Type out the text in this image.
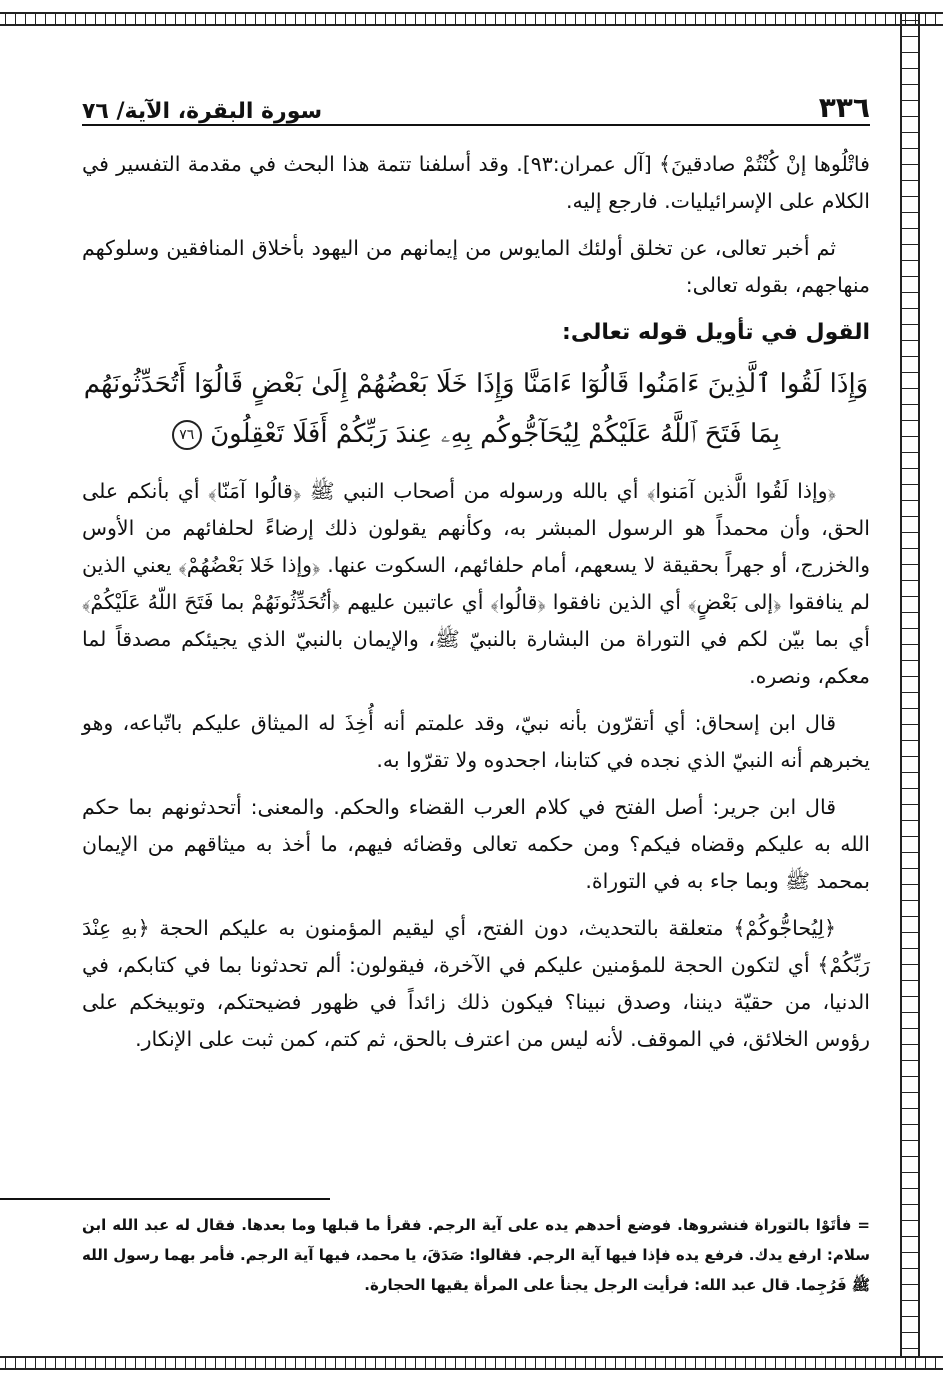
٣٣٦
سورة البقرة، الآية/ ٧٦

فاتْلُوها إنْ كُنْتُمْ صادقينَ﴾ [آل عمران:٩٣]. وقد أسلفنا تتمة هذا البحث في مقدمة التفسير في الكلام على الإسرائيليات. فارجع إليه.

ثم أخبر تعالى، عن تخلق أولئك المايوس من إيمانهم من اليهود بأخلاق المنافقين وسلوكهم منهاجهم، بقوله تعالى:

القول في تأويل قوله تعالى:
وَإِذَا لَقُوا ٱلَّذِينَ ءَامَنُوا قَالُوٓا ءَامَنَّا وَإِذَا خَلَا بَعْضُهُمْ إِلَىٰ بَعْضٍ قَالُوٓا أَتُحَدِّثُونَهُم
بِمَا فَتَحَ ٱللَّهُ عَلَيْكُمْ لِيُحَآجُّوكُم بِهِۦ عِندَ رَبِّكُمْ أَفَلَا تَعْقِلُونَ ٧٦

﴿وإذا لَقُوا الَّذين آمَنوا﴾ أي بالله ورسوله من أصحاب النبي ﷺ ﴿قالُوا آمَنّا﴾ أي بأنكم على الحق، وأن محمداً هو الرسول المبشر به، وكأنهم يقولون ذلك إرضاءً لحلفائهم من الأوس والخزرج، أو جهراً بحقيقة لا يسعهم، أمام حلفائهم، السكوت عنها. ﴿وإذا خَلا بَعْضُهُمْ﴾ يعني الذين لم ينافقوا ﴿إلى بَعْضٍ﴾ أي الذين نافقوا ﴿قالُوا﴾ أي عاتبين عليهم ﴿أتُحَدِّثُونَهُمْ بما فَتَحَ اللّهُ عَلَيْكُمْ﴾ أي بما بيّن لكم في التوراة من البشارة بالنبيّ ﷺ، والإيمان بالنبيّ الذي يجيئكم مصدقاً لما معكم، ونصره.

قال ابن إسحاق: أي أتقرّون بأنه نبيّ، وقد علمتم أنه أُخِذَ له الميثاق عليكم باتّباعه، وهو يخبرهم أنه النبيّ الذي نجده في كتابنا، اجحدوه ولا تقرّوا به.

قال ابن جرير: أصل الفتح في كلام العرب القضاء والحكم. والمعنى: أتحدثونهم بما حكم الله به عليكم وقضاه فيكم؟ ومن حكمه تعالى وقضائه فيهم، ما أخذ به ميثاقهم من الإيمان بمحمد ﷺ وبما جاء به في التوراة.

﴿لِيُحاجُّوكُمْ﴾ متعلقة بالتحديث، دون الفتح، أي ليقيم المؤمنون به عليكم الحجة ﴿بهِ عِنْدَ رَبِّكُمْ﴾ أي لتكون الحجة للمؤمنين عليكم في الآخرة، فيقولون: ألم تحدثونا بما في كتابكم، في الدنيا، من حقيّة ديننا، وصدق نبينا؟ فيكون ذلك زائداً في ظهور فضيحتكم، وتوبيخكم على رؤوس الخلائق، في الموقف. لأنه ليس من اعترف بالحق، ثم كتم، كمن ثبت على الإنكار.

= فأتَوْا بالتوراة فنشروها. فوضع أحدهم يده على آية الرجم. فقرأ ما قبلها وما بعدها. فقال له عبد الله ابن سلام: ارفع يدك. فرفع يده فإذا فيها آية الرجم. فقالوا: صَدَقَ، يا محمد، فيها آية الرجم. فأمر بهما رسول الله ﷺ فَرُجِما. قال عبد الله: فرأيت الرجل يجنأ على المرأة يقيها الحجارة.
